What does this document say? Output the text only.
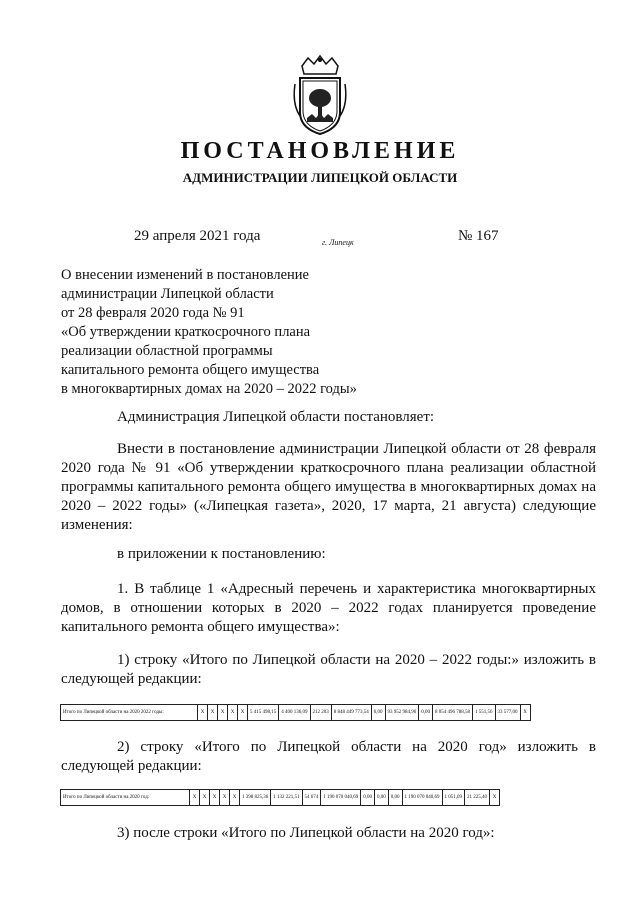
ПОСТАНОВЛЕНИЕ
АДМИНИСТРАЦИИ ЛИПЕЦКОЙ ОБЛАСТИ
29 апреля 2021 года	г. Липецк	№ 167
О внесении изменений в постановление
администрации Липецкой области
от 28 февраля 2020 года № 91
«Об утверждении краткосрочного плана
реализации областной программы
капитального ремонта общего имущества
в многоквартирных домах на 2020 – 2022 годы»
Администрация Липецкой области постановляет:
Внести в постановление администрации Липецкой области от 28 февраля 2020 года № 91 «Об утверждении краткосрочного плана реализации областной программы капитального ремонта общего имущества в многоквартирных домах на 2020 – 2022 годы» («Липецкая газета», 2020, 17 марта, 21 августа) следующие изменения:
в приложении к постановлению:
1. В таблице 1 «Адресный перечень и характеристика многоквартирных домов, в отношении которых в 2020 – 2022 годах планируется проведение капитального ремонта общего имущества»:
1) строку «Итого по Липецкой области на 2020 – 2022 годы:» изложить в следующей редакции:
Итого по Липецкой области на 2020 2022 годы:	X	X	X	X	X	5 415 498,15	4 400 136,09	212 203	8 848 449 773,54	0,00	93 952 984,96	0,00	8 054 496 788,58	1 551,56	33 577,00	X
2) строку «Итого по Липецкой области на 2020 год» изложить в следующей редакции:
Итого по Липецкой области на 2020 год:	X	X	X	X	X	1 398 825,36	1 132 221,51	54 674	1 190 070 040,69	0,00	0,00	0,00	1 190 070 040,69	1 051,09	21 225,40	X
3) после строки «Итого по Липецкой области на 2020 год»:
